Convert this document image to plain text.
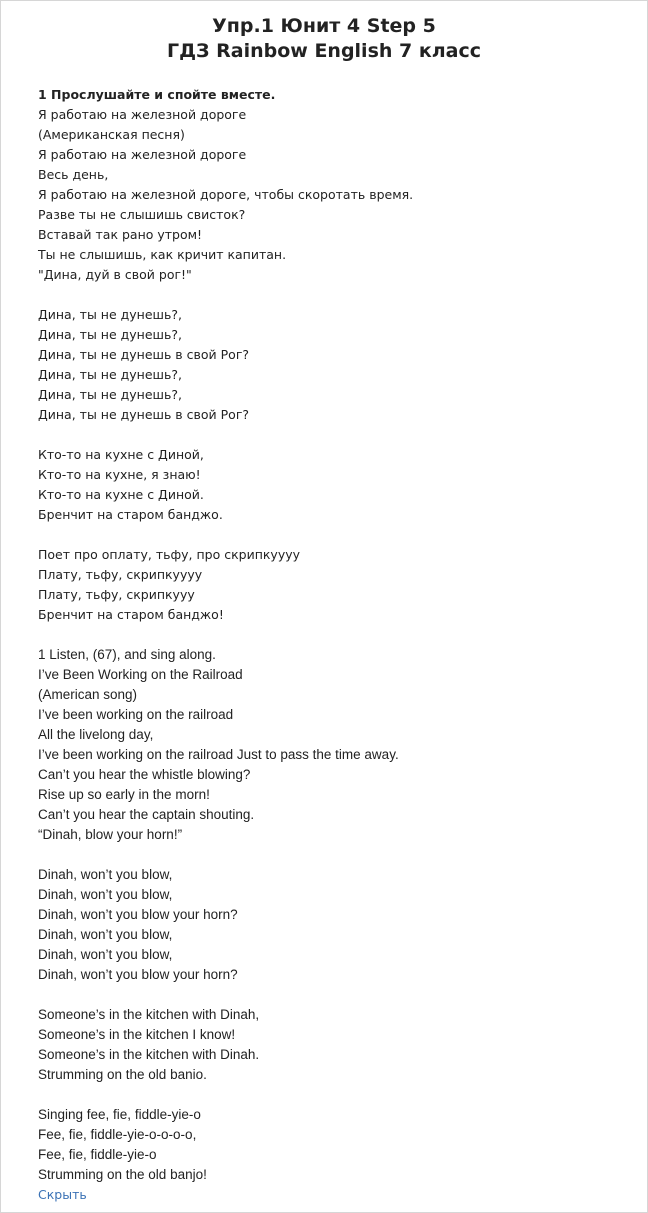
Упр.1 Юнит 4 Step 5
ГДЗ Rainbow English 7 класс
1 Прослушайте и спойте вместе.
Я работаю на железной дороге
(Американская песня)
Я работаю на железной дороге
Весь день,
Я работаю на железной дороге, чтобы скоротать время.
Разве ты не слышишь свисток?
Вставай так рано утром!
Ты не слышишь, как кричит капитан.
"Дина, дуй в свой рог!"
Дина, ты не дунешь?,
Дина, ты не дунешь?,
Дина, ты не дунешь в свой Рог?
Дина, ты не дунешь?,
Дина, ты не дунешь?,
Дина, ты не дунешь в свой Рог?
Кто-то на кухне с Диной,
Кто-то на кухне, я знаю!
Кто-то на кухне с Диной.
Бренчит на старом банджо.
Поет про оплату, тьфу, про скрипкуууу
Плату, тьфу, скрипкуууу
Плату, тьфу, скрипкууу
Бренчит на старом банджо!
1 Listen, (67), and sing along.
I’ve Been Working on the Railroad
(American song)
I’ve been working on the railroad
All the livelong day,
I’ve been working on the railroad Just to pass the time away.
Can’t you hear the whistle blowing?
Rise up so early in the morn!
Can’t you hear the captain shouting.
“Dinah, blow your horn!”
Dinah, won’t you blow,
Dinah, won’t you blow,
Dinah, won’t you blow your horn?
Dinah, won’t you blow,
Dinah, won’t you blow,
Dinah, won’t you blow your horn?
Someone’s in the kitchen with Dinah,
Someone’s in the kitchen I know!
Someone’s in the kitchen with Dinah.
Strumming on the old banio.
Singing fee, fie, fiddle-yie-o
Fee, fie, fiddle-yie-o-o-o-o,
Fee, fie, fiddle-yie-o
Strumming on the old banjo!
Скрыть
